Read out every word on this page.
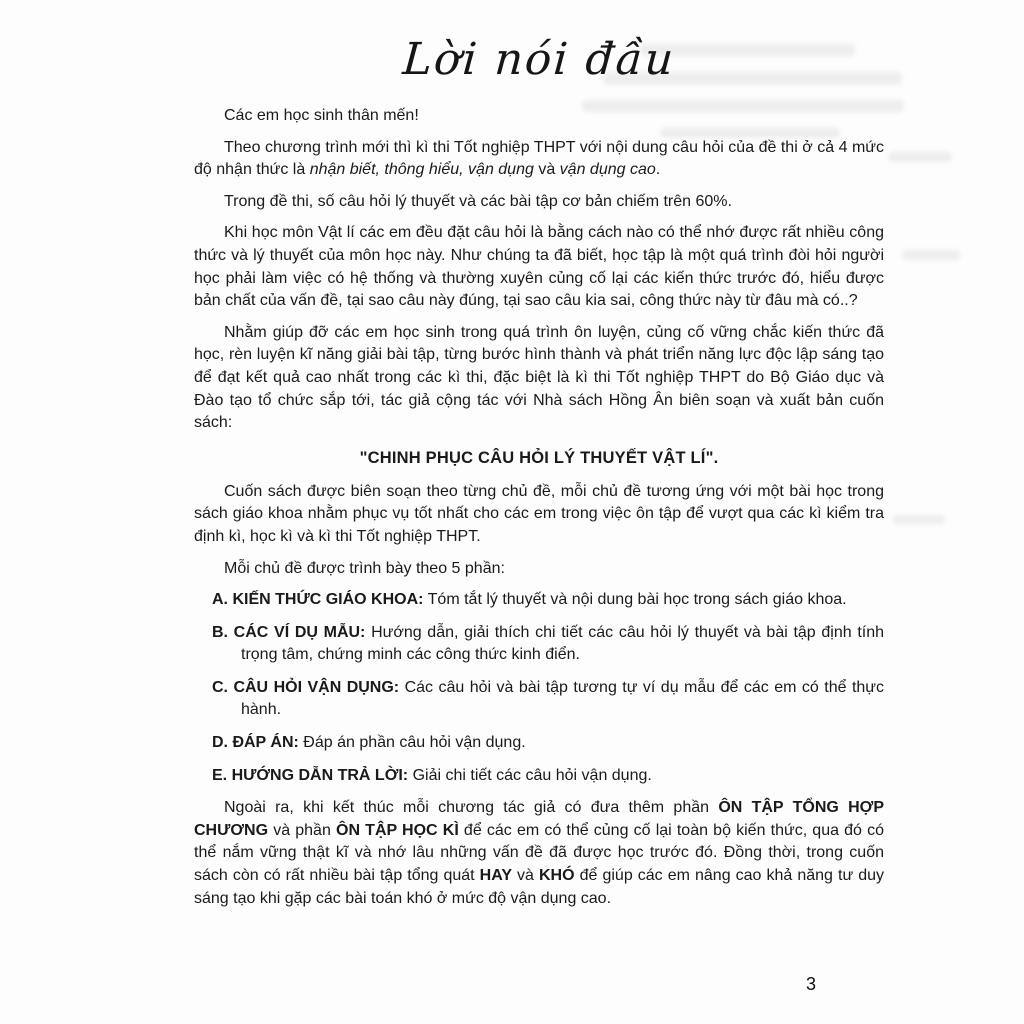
Lời nói đầu

Các em học sinh thân mến!

Theo chương trình mới thì kì thi Tốt nghiệp THPT với nội dung câu hỏi của đề thi ở cả 4 mức độ nhận thức là nhận biết, thông hiểu, vận dụng và vận dụng cao.

Trong đề thi, số câu hỏi lý thuyết và các bài tập cơ bản chiếm trên 60%.

Khi học môn Vật lí các em đều đặt câu hỏi là bằng cách nào có thể nhớ được rất nhiều công thức và lý thuyết của môn học này. Như chúng ta đã biết, học tập là một quá trình đòi hỏi người học phải làm việc có hệ thống và thường xuyên củng cố lại các kiến thức trước đó, hiểu được bản chất của vấn đề, tại sao câu này đúng, tại sao câu kia sai, công thức này từ đâu mà có..?

Nhằm giúp đỡ các em học sinh trong quá trình ôn luyện, củng cố vững chắc kiến thức đã học, rèn luyện kĩ năng giải bài tập, từng bước hình thành và phát triển năng lực độc lập sáng tạo để đạt kết quả cao nhất trong các kì thi, đặc biệt là kì thi Tốt nghiệp THPT do Bộ Giáo dục và Đào tạo tổ chức sắp tới, tác giả cộng tác với Nhà sách Hồng Ân biên soạn và xuất bản cuốn sách:

"CHINH PHỤC CÂU HỎI LÝ THUYẾT VẬT LÍ".

Cuốn sách được biên soạn theo từng chủ đề, mỗi chủ đề tương ứng với một bài học trong sách giáo khoa nhằm phục vụ tốt nhất cho các em trong việc ôn tập để vượt qua các kì kiểm tra định kì, học kì và kì thi Tốt nghiệp THPT.

Mỗi chủ đề được trình bày theo 5 phần:

A. KIẾN THỨC GIÁO KHOA: Tóm tắt lý thuyết và nội dung bài học trong sách giáo khoa.
B. CÁC VÍ DỤ MẪU: Hướng dẫn, giải thích chi tiết các câu hỏi lý thuyết và bài tập định tính trọng tâm, chứng minh các công thức kinh điển.
C. CÂU HỎI VẬN DỤNG: Các câu hỏi và bài tập tương tự ví dụ mẫu để các em có thể thực hành.
D. ĐÁP ÁN: Đáp án phần câu hỏi vận dụng.
E. HƯỚNG DẪN TRẢ LỜI: Giải chi tiết các câu hỏi vận dụng.

Ngoài ra, khi kết thúc mỗi chương tác giả có đưa thêm phần ÔN TẬP TỔNG HỢP CHƯƠNG và phần ÔN TẬP HỌC KÌ để các em có thể củng cố lại toàn bộ kiến thức, qua đó có thể nắm vững thật kĩ và nhớ lâu những vấn đề đã được học trước đó. Đồng thời, trong cuốn sách còn có rất nhiều bài tập tổng quát HAY và KHÓ để giúp các em nâng cao khả năng tư duy sáng tạo khi gặp các bài toán khó ở mức độ vận dụng cao.

3
